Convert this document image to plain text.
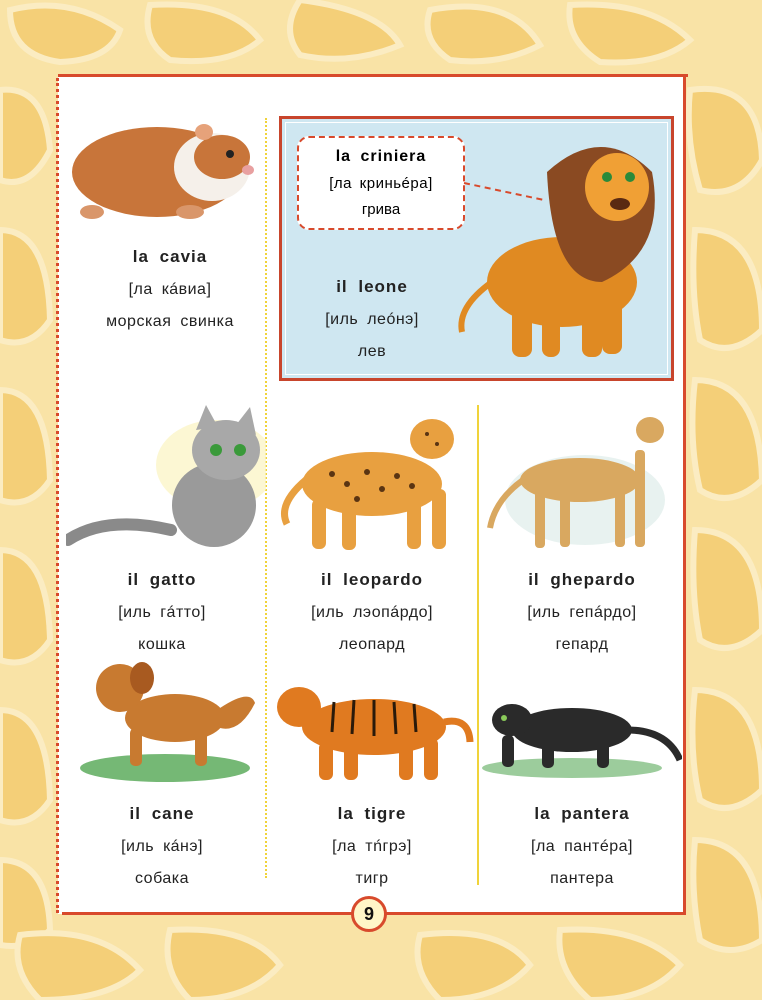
la cavia
[ла кáвиа]
морская свинка
la criniera
[ла криньéра]
грива
il leone
[иль леóнэ]
лев
il gatto
[иль гáтто]
кошка
il leopardo
[иль лэопáрдо]
леопард
il ghepardo
[иль гепáрдо]
гепард
il cane
[иль кáнэ]
собака
la tigre
[ла тńгрэ]
тигр
la pantera
[ла пантéра]
пантера
9
